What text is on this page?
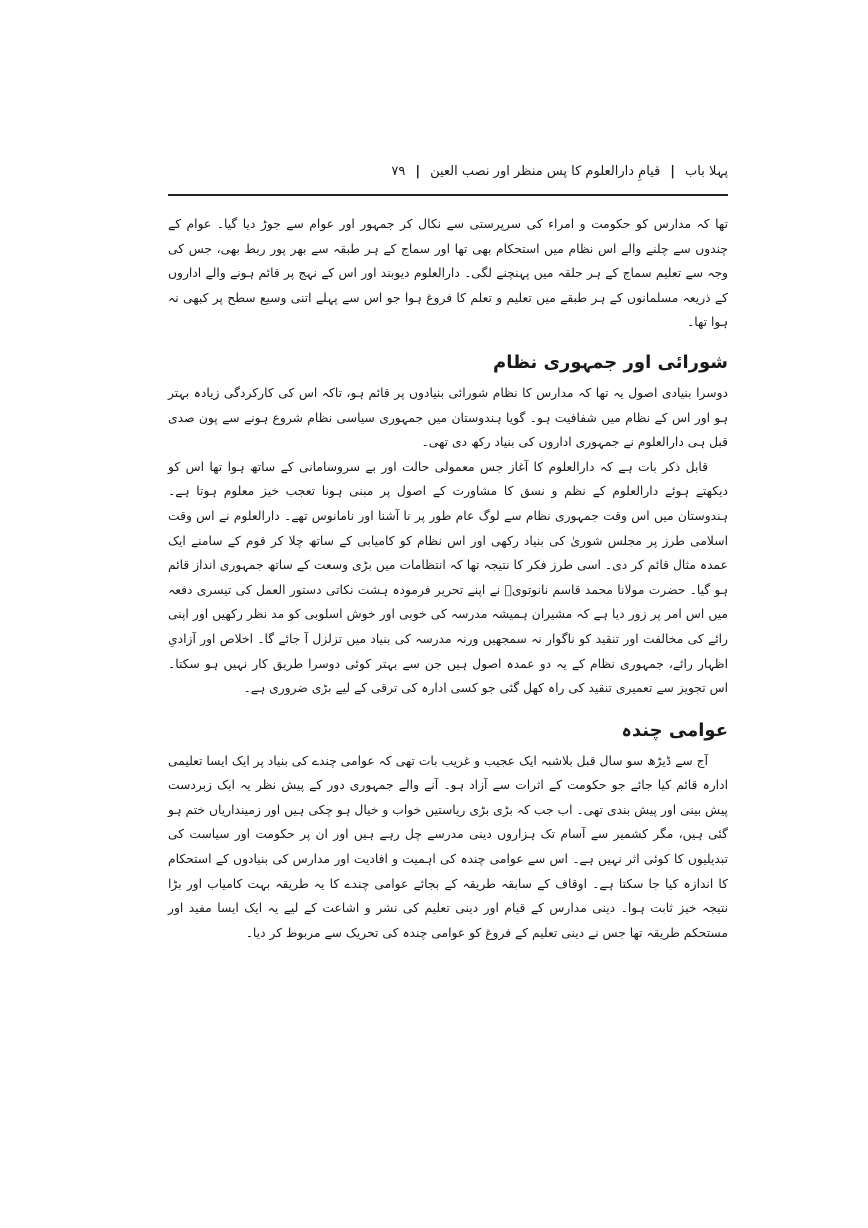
پہلا باب
|
قیامِ دارالعلوم کا پس منظر اور نصب العین
|
۷۹

تھا کہ مدارس کو حکومت و امراء کی سرپرستی سے نکال کر جمہور اور عوام سے جوڑ دیا گیا۔ عوام کے چندوں سے چلنے والے اس نظام میں استحکام بھی تھا اور سماج کے ہر طبقہ سے بھر پور ربط بھی، جس کی وجہ سے تعلیم سماج کے ہر حلقہ میں پہنچنے لگی۔ دارالعلوم دیوبند اور اس کے نہج پر قائم ہونے والے اداروں کے ذریعہ مسلمانوں کے ہر طبقے میں تعلیم و تعلم کا فروغ ہوا جو اس سے پہلے اتنی وسیع سطح پر کبھی نہ ہوا تھا۔

شورائی اور جمہوری نظام

دوسرا بنیادی اصول یہ تھا کہ مدارس کا نظام شورائی بنیادوں پر قائم ہو، تاکہ اس کی کارکردگی زیادہ بہتر ہو اور اس کے نظام میں شفافیت ہو۔ گویا ہندوستان میں جمہوری سیاسی نظام شروع ہونے سے پون صدی قبل ہی دارالعلوم نے جمہوری اداروں کی بنیاد رکھ دی تھی۔

قابل ذکر بات ہے کہ دارالعلوم کا آغاز جس معمولی حالت اور بے سروسامانی کے ساتھ ہوا تھا اس کو دیکھتے ہوئے دارالعلوم کے نظم و نسق کا مشاورت کے اصول پر مبنی ہونا تعجب خیز معلوم ہوتا ہے۔ ہندوستان میں اس وقت جمہوری نظام سے لوگ عام طور پر نا آشنا اور نامانوس تھے۔ دارالعلوم نے اس وقت اسلامی طرز پر مجلس شوریٰ کی بنیاد رکھی اور اس نظام کو کامیابی کے ساتھ چلا کر قوم کے سامنے ایک عمدہ مثال قائم کر دی۔ اسی طرز فکر کا نتیجہ تھا کہ انتظامات میں بڑی وسعت کے ساتھ جمہوری انداز قائم ہو گیا۔ حضرت مولانا محمد قاسم نانوتویؒ نے اپنے تحریر فرمودہ ہشت نکاتی دستور العمل کی تیسری دفعہ میں اس امر پر زور دیا ہے کہ مشیران ہمیشہ مدرسہ کی خوبی اور خوش اسلوبی کو مد نظر رکھیں اور اپنی رائے کی مخالفت اور تنقید کو ناگوار نہ سمجھیں ورنہ مدرسہ کی بنیاد میں تزلزل آ جائے گا۔ اخلاص اور آزادیِ اظہار رائے، جمہوری نظام کے یہ دو عمدہ اصول ہیں جن سے بہتر کوئی دوسرا طریق کار نہیں ہو سکتا۔ اس تجویز سے تعمیری تنقید کی راہ کھل گئی جو کسی ادارہ کی ترقی کے لیے بڑی ضروری ہے۔

عوامی چندہ

آج سے ڈیڑھ سو سال قبل بلاشبہ ایک عجیب و غریب بات تھی کہ عوامی چندے کی بنیاد پر ایک ایسا تعلیمی ادارہ قائم کیا جائے جو حکومت کے اثرات سے آزاد ہو۔ آنے والے جمہوری دور کے پیش نظر یہ ایک زبردست پیش بینی اور پیش بندی تھی۔ اب جب کہ بڑی بڑی ریاستیں خواب و خیال ہو چکی ہیں اور زمینداریاں ختم ہو گئی ہیں، مگر کشمیر سے آسام تک ہزاروں دینی مدرسے چل رہے ہیں اور ان پر حکومت اور سیاست کی تبدیلیوں کا کوئی اثر نہیں ہے۔ اس سے عوامی چندہ کی اہمیت و افادیت اور مدارس کی بنیادوں کے استحکام کا اندازہ کیا جا سکتا ہے۔ اوقاف کے سابقہ طریقہ کے بجائے عوامی چندے کا یہ طریقہ بہت کامیاب اور بڑا نتیجہ خیز ثابت ہوا۔ دینی مدارس کے قیام اور دینی تعلیم کی نشر و اشاعت کے لیے یہ ایک ایسا مفید اور مستحکم طریقہ تھا جس نے دینی تعلیم کے فروغ کو عوامی چندہ کی تحریک سے مربوط کر دیا۔
